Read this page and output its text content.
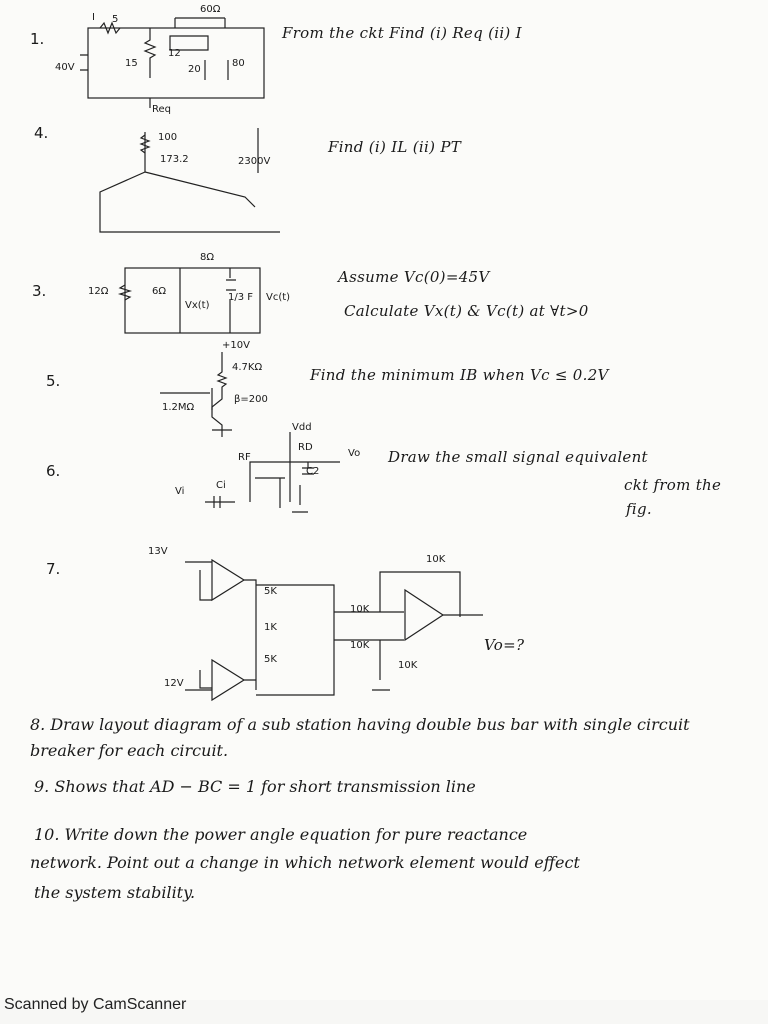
1.	From the ckt Find (i) Req (ii) I
60Ω
5
I
40V	15
12
20
80
Req
4.
Find (i) IL (ii) PT
100
173.2	2300V
3.
Assume Vc(0)=45V
Calculate Vx(t) & Vc(t) at ∀t>0
8Ω
12Ω	6Ω
Vx(t)
1/3 F Vc(t)
5.	Find the minimum IB when Vc ≤ 0.2V
+10V
4.7KΩ
1.2MΩ
β=200
6.
Draw the small signal equivalent
ckt from the
fig.
Vdd
RD
RF	Vo
C2
Ci
Vi
7.
13V
12V
5K
1K
5K
10K
10K
10K
10K
Vo=?
8. Draw layout diagram of a sub station having double bus bar with single circuit breaker for each circuit.
9. Shows that AD − BC = 1 for short transmission line
10. Write down the power angle equation for pure reactance
network. Point out a change in which network element would effect
the system stability.
Scanned by CamScanner
